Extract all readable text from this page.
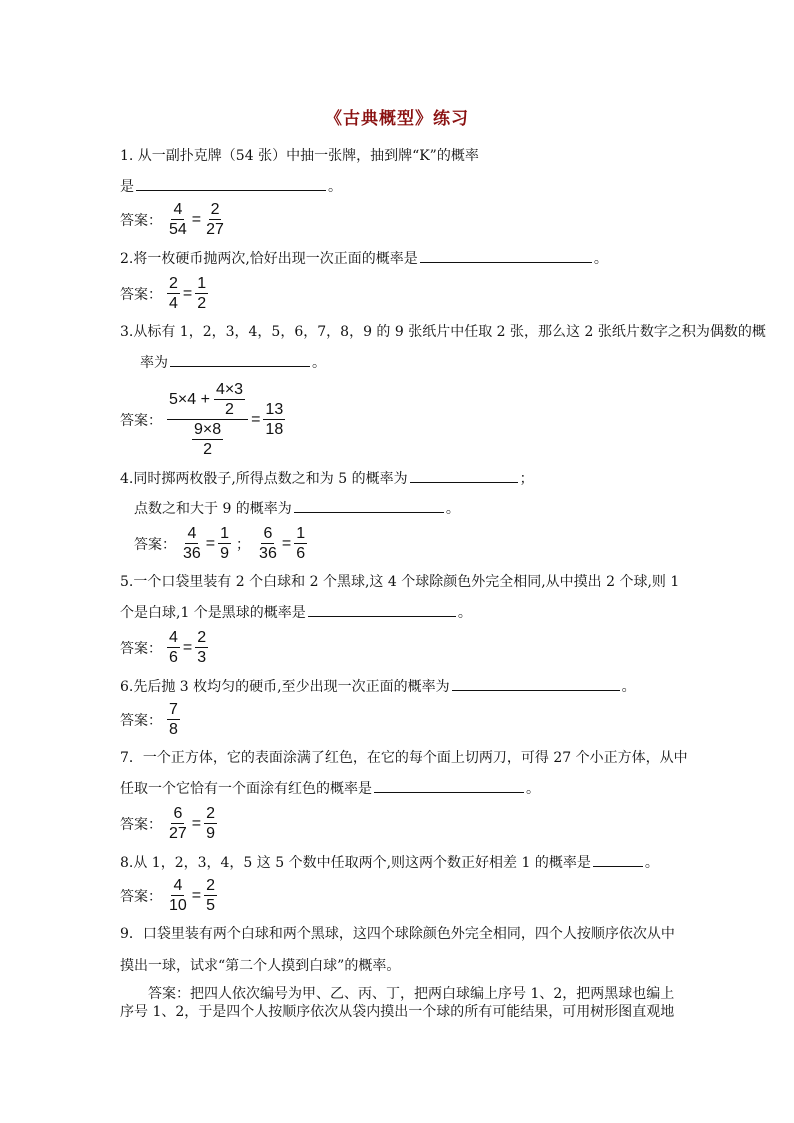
《古典概型》练习
1. 从一副扑克牌（54 张）中抽一张牌，抽到牌“K”的概率
是	。
答案： $\frac{4}{54} = \frac{2}{27}$
2.将一枚硬币抛两次,恰好出现一次正面的概率是	。
答案： $\frac{2}{4} = \frac{1}{2}$
3.从标有 1，2，3，4，5，6，7，8，9 的 9 张纸片中任取 2 张，那么这 2 张纸片数字之积为偶数的概
率为	。
答案： $\frac{5\times 4 + \frac{4\times 3}{2}}{\frac{9\times 8}{2}} = \frac{13}{18}$
4.同时掷两枚骰子,所得点数之和为 5 的概率为	；
点数之和大于 9 的概率为	。
答案： $\frac{4}{36} = \frac{1}{9}$ ； $\frac{6}{36} = \frac{1}{6}$
5.一个口袋里装有 2 个白球和 2 个黑球,这 4 个球除颜色外完全相同,从中摸出 2 个球,则 1
个是白球,1 个是黑球的概率是	。
答案： $\frac{4}{6} = \frac{2}{3}$
6.先后抛 3 枚均匀的硬币,至少出现一次正面的概率为	。
答案： $\frac{7}{8}$
7．一个正方体，它的表面涂满了红色，在它的每个面上切两刀，可得 27 个小正方体，从中
任取一个它恰有一个面涂有红色的概率是	。
答案： $\frac{6}{27} = \frac{2}{9}$
8.从 1，2，3，4，5 这 5 个数中任取两个,则这两个数正好相差 1 的概率是	。
答案： $\frac{4}{10} = \frac{2}{5}$
9．口袋里装有两个白球和两个黑球，这四个球除颜色外完全相同，四个人按顺序依次从中
摸出一球，试求“第二个人摸到白球”的概率。
答案：把四人依次编号为甲、乙、丙、丁，把两白球编上序号 1、2，把两黑球也编上
序号 1、2，于是四个人按顺序依次从袋内摸出一个球的所有可能结果，可用树形图直观地
